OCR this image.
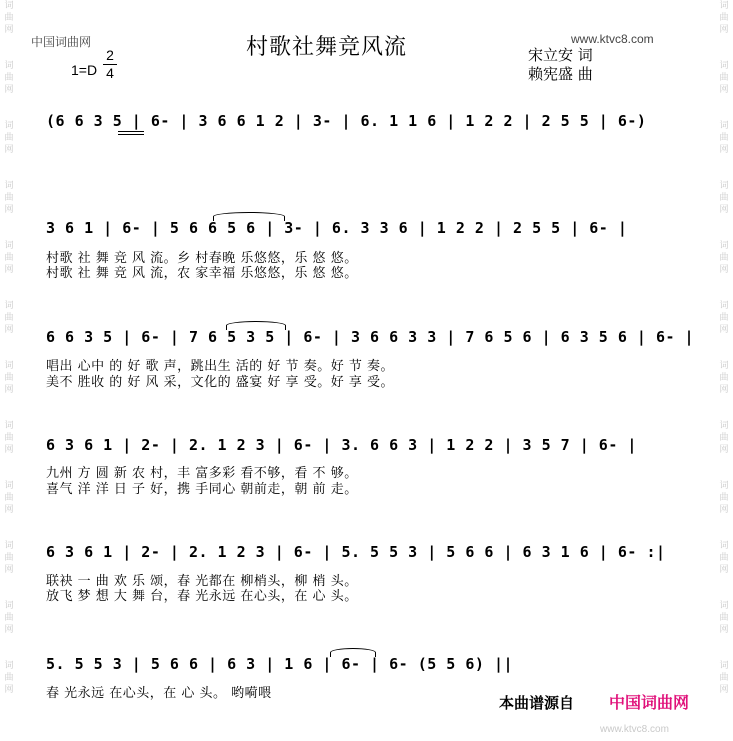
词 曲 网
词 曲 网
词 曲 网
词 曲 网
词 曲 网
词 曲 网
词 曲 网
词 曲 网
词 曲 网
词 曲 网
词 曲 网
词 曲 网
词 曲 网
词 曲 网
词 曲 网
词 曲 网
词 曲 网
词 曲 网
词 曲 网
词 曲 网
词 曲 网
词 曲 网
词 曲 网
词 曲 网
中国词曲网	www.ktvc8.com
村歌社舞竞风流
1=D
2
4
宋立安 词
赖宪盛 曲
(6 6 3 5 | 6- | 3 6 6 1 2 | 3- | 6. 1 1 6 | 1 2 2 | 2 5 5 | 6-)
3 6 1 | 6- | 5 6 6 5 6 | 3- | 6. 3 3 6 | 1 2 2 | 2 5 5 | 6- |
村歌 社 舞 竞 风 流。乡 村春晚 乐悠悠，乐 悠 悠。
村歌 社 舞 竞 风 流，农 家幸福 乐悠悠，乐 悠 悠。
6 6 3 5 | 6- | 7 6 5 3 5 | 6- | 3 6 6 3 3 | 7 6 5 6 | 6 3 5 6 | 6- |
唱出 心中 的 好 歌 声，跳出生 活的 好 节 奏。好 节 奏。
美不 胜收 的 好 风 采，文化的 盛宴 好 享 受。好 享 受。
6 3 6 1 | 2- | 2. 1 2 3 | 6- | 3. 6 6 3 | 1 2 2 | 3 5 7 | 6- |
九州 方 圆 新 农 村，丰 富多彩 看不够，看 不 够。
喜气 洋 洋 日 子 好，携 手同心 朝前走，朝 前 走。
6 3 6 1 | 2- | 2. 1 2 3 | 6- | 5. 5 5 3 | 5 6 6 | 6 3 1 6 | 6- :|
联袂 一 曲 欢 乐 颂，春 光都在 柳梢头，柳 梢 头。
放飞 梦 想 大 舞 台，春 光永远 在心头，在 心 头。
5. 5 5 3 | 5 6 6 | 6 3 | 1 6 | 6- | 6- (5 5 6) ||
春 光永远 在心头，在 心 头。 哟嗬喂
本曲谱源自 中国词曲网
www.ktvc8.com
